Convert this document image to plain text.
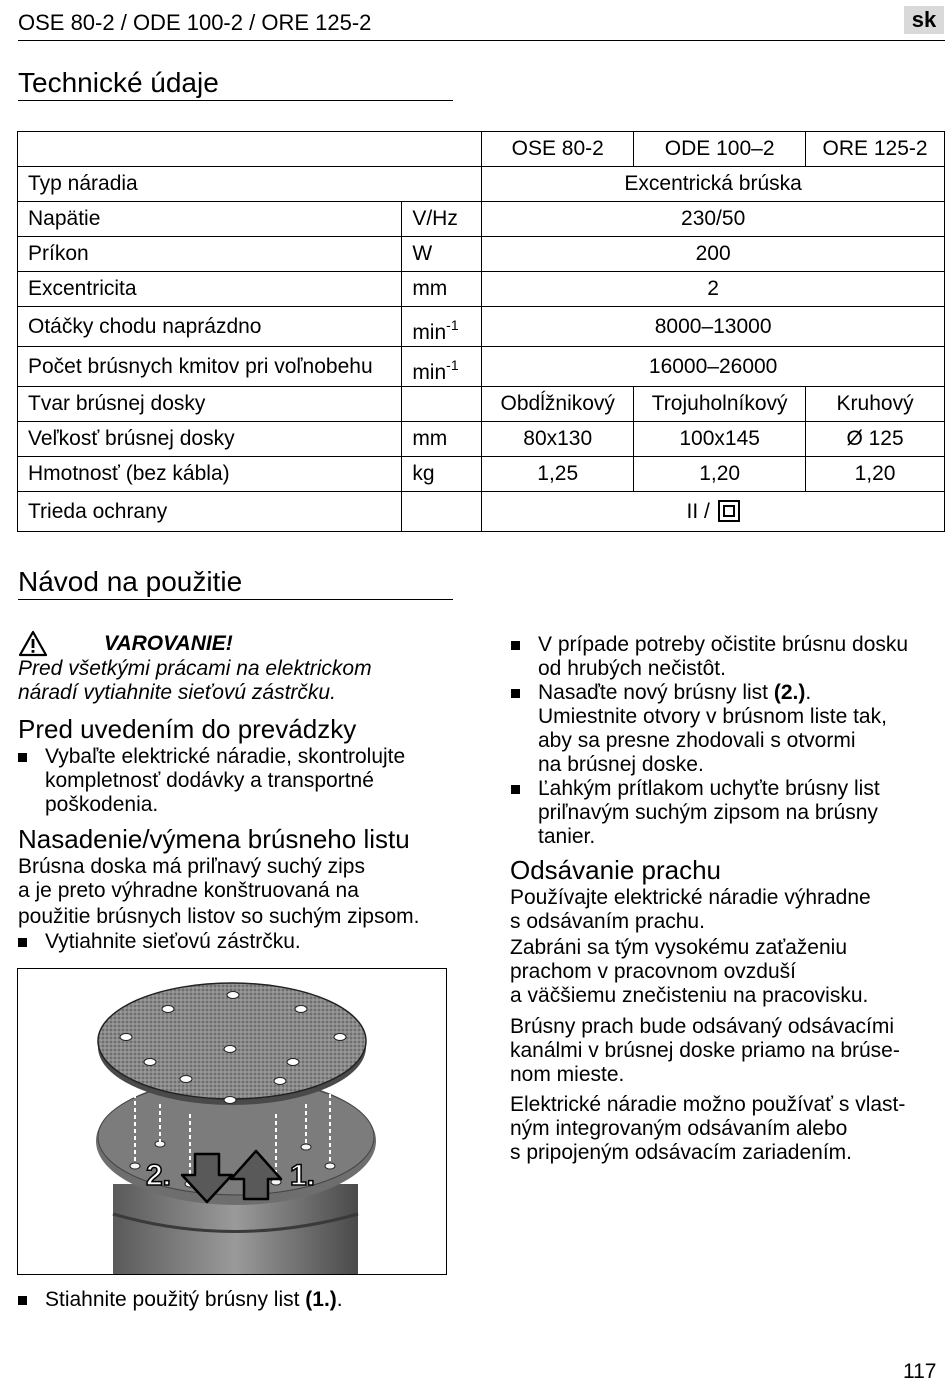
OSE 80-2 / ODE 100-2 / ORE 125-2	sk
Technické údaje
		OSE 80-2	ODE 100–2	ORE 125-2
Typ náradia		Excentrická brúska		
Napätie	V/Hz	230/50		
Príkon	W	200		
Excentricita	mm	2		
Otáčky chodu naprázdno	$\min^{-1}$	8000–13000		
Počet brúsnych kmitov pri voľnobehu	$\min^{-1}$	16000–26000		
Tvar brúsnej dosky		Obdĺžnikový	Trojuholníkový	Kruhový
Veľkosť brúsnej dosky	mm	80x130	100x145	Ø 125
Hmotnosť (bez kábla)	kg	1,25	1,20	1,20
Trieda ochrany		II /		
Návod na použitie
VAROVANIE!
Pred všetkými prácami na elektrickom
náradí vytiahnite sieťovú zástrčku.
Pred uvedením do prevádzky
Vybaľte elektrické náradie, skontrolujte
kompletnosť dodávky a transportné
poškodenia.
Nasadenie/výmena brúsneho listu
Brúsna doska má priľnavý suchý zips
a je preto výhradne konštruovaná na
použitie brúsnych listov so suchým zipsom.
Vytiahnite sieťovú zástrčku.
2.	1.
Stiahnite použitý brúsny list (1.).
V prípade potreby očistite brúsnu dosku
od hrubých nečistôt.
Nasaďte nový brúsny list (2.).
Umiestnite otvory v brúsnom liste tak,
aby sa presne zhodovali s otvormi
na brúsnej doske.
Ľahkým prítlakom uchyťte brúsny list
priľnavým suchým zipsom na brúsny
tanier.
Odsávanie prachu
Používajte elektrické náradie výhradne
s odsávaním prachu.
Zabráni sa tým vysokému zaťaženiu
prachom v pracovnom ovzduší
a väčšiemu znečisteniu na pracovisku.
Brúsny prach bude odsávaný odsávacími
kanálmi v brúsnej doske priamo na brúse-
nom mieste.
Elektrické náradie možno používať s vlast-
ným integrovaným odsávaním alebo
s pripojeným odsávacím zariadením.
117
